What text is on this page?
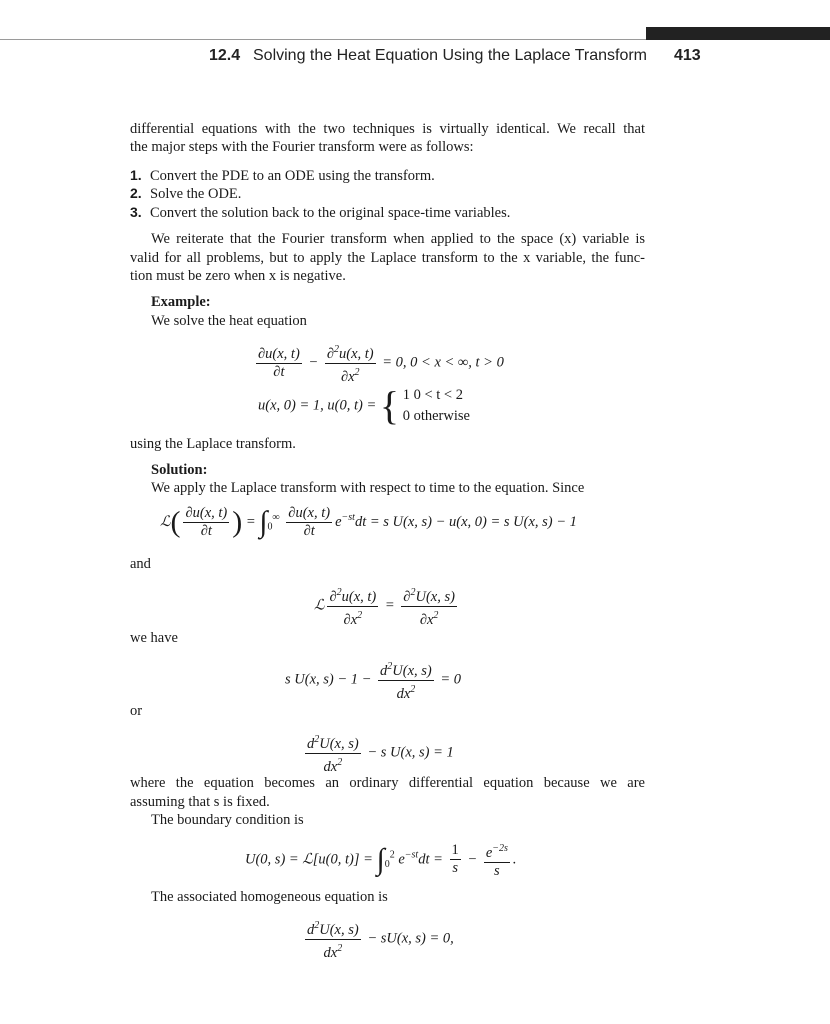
12.4 Solving the Heat Equation Using the Laplace Transform 413
differential equations with the two techniques is virtually identical. We recall that
the major steps with the Fourier transform were as follows:
1. Convert the PDE to an ODE using the transform.
2. Solve the ODE.
3. Convert the solution back to the original space-time variables.
We reiterate that the Fourier transform when applied to the space (x) variable is
valid for all problems, but to apply the Laplace transform to the x variable, the func-
tion must be zero when x is negative.
Example:
We solve the heat equation
$\frac{\partial u(x, t)}{\partial t} - \frac{\partial^2u(x, t)}{\partial x^2} = 0$, 0 < x < ∞, t > 0
u(x, 0) = 1, u(0, t) = { 1 0 < t < 2
0 otherwise
using the Laplace transform.
Solution:
We apply the Laplace transform with respect to time to the equation. Since
ℒ( $\frac{\partial u(x, t)}{\partial t}$ ) = $\int_0^\infty \frac{\partial u(x, t)}{\partial t} e^{-st}dt = s$ U(x, s) − u(x, 0) = s U(x, s) − 1
and
ℒ $\frac{\partial^2u(x, t)}{\partial x^2} = \frac{\partial^2U(x, s)}{\partial x^2}$
we have
s U(x, $s) - 1 - \frac{d^2U(x, s)}{dx^2} = 0$
or
$\frac{d^2U(x, s)}{dx^2} - s$ U(x, s) = 1
where the equation becomes an ordinary differential equation because we are
assuming that s is fixed.
The boundary condition is
U(0, s) = ℒ[u(0, $t)] = \int_0^2$ $e^{-st}dt = \frac{1}{s} - \frac{e^{-2s}}{s}$ .
The associated homogeneous equation is
$\frac{d^2U(x, s)}{dx^2} - sU(x$, s) = 0,
